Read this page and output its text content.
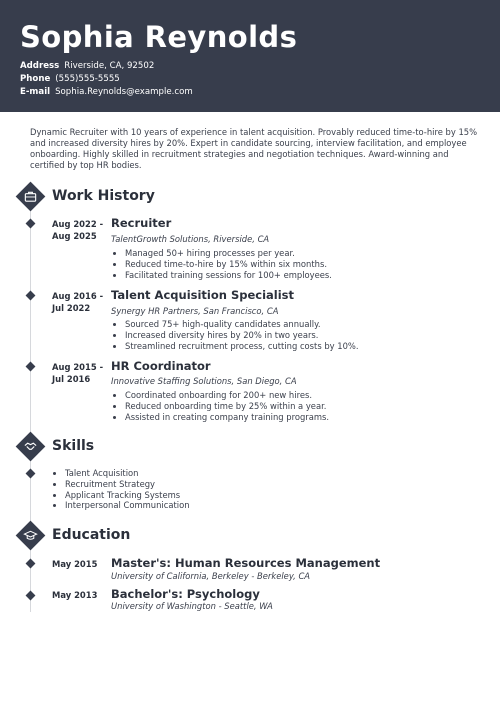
Sophia Reynolds
Address Riverside, CA, 92502
Phone (555)555-5555
E-mail Sophia.Reynolds@example.com

Dynamic Recruiter with 10 years of experience in talent acquisition. Provably reduced time-to-hire by 15% and increased diversity hires by 20%. Expert in candidate sourcing, interview facilitation, and employee onboarding. Highly skilled in recruitment strategies and negotiation techniques. Award-winning and certified by top HR bodies.

Work History
Aug 2022 -
Aug 2025
Recruiter
TalentGrowth Solutions, Riverside, CA
• Managed 50+ hiring processes per year.
• Reduced time-to-hire by 15% within six months.
• Facilitated training sessions for 100+ employees.
Aug 2016 -
Jul 2022
Talent Acquisition Specialist
Synergy HR Partners, San Francisco, CA
• Sourced 75+ high-quality candidates annually.
• Increased diversity hires by 20% in two years.
• Streamlined recruitment process, cutting costs by 10%.
Aug 2015 -
Jul 2016
HR Coordinator
Innovative Staffing Solutions, San Diego, CA
• Coordinated onboarding for 200+ new hires.
• Reduced onboarding time by 25% within a year.
• Assisted in creating company training programs.
Skills
• Talent Acquisition
• Recruitment Strategy
• Applicant Tracking Systems
• Interpersonal Communication
Education
May 2015 Master's: Human Resources Management
University of California, Berkeley - Berkeley, CA
May 2013 Bachelor's: Psychology
University of Washington - Seattle, WA
